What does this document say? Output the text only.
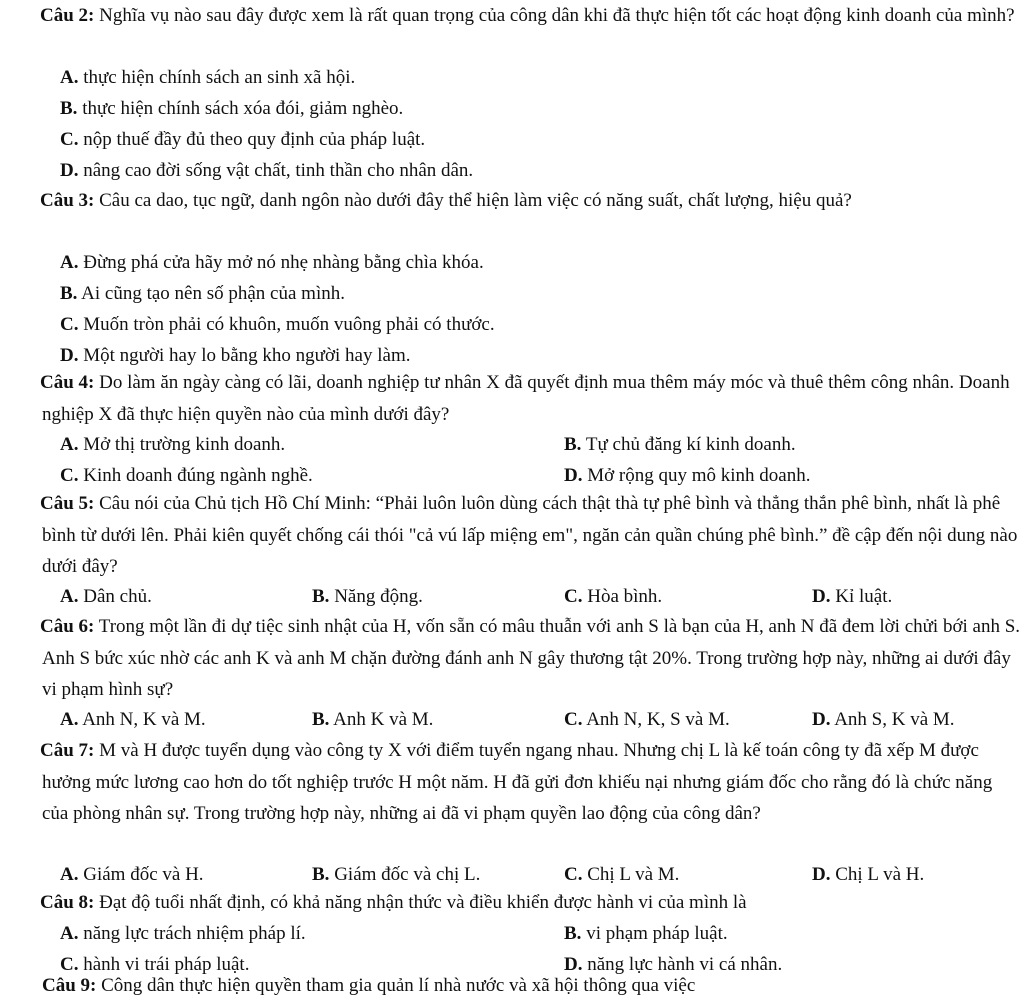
Câu 2: Nghĩa vụ nào sau đây được xem là rất quan trọng của công dân khi đã thực hiện tốt các hoạt động kinh doanh của mình?
A. thực hiện chính sách an sinh xã hội.
B. thực hiện chính sách xóa đói, giảm nghèo.
C. nộp thuế đầy đủ theo quy định của pháp luật.
D. nâng cao đời sống vật chất, tinh thần cho nhân dân.
Câu 3: Câu ca dao, tục ngữ, danh ngôn nào dưới đây thể hiện làm việc có năng suất, chất lượng, hiệu quả?
A. Đừng phá cửa hãy mở nó nhẹ nhàng bằng chìa khóa.
B. Ai cũng tạo nên số phận của mình.
C. Muốn tròn phải có khuôn, muốn vuông phải có thước.
D. Một người hay lo bằng kho người hay làm.
Câu 4: Do làm ăn ngày càng có lãi, doanh nghiệp tư nhân X đã quyết định mua thêm máy móc và thuê thêm công nhân. Doanh nghiệp X đã thực hiện quyền nào của mình dưới đây?
A. Mở thị trường kinh doanh.	B. Tự chủ đăng kí kinh doanh.
C. Kinh doanh đúng ngành nghề.	D. Mở rộng quy mô kinh doanh.
Câu 5: Câu nói của Chủ tịch Hồ Chí Minh: “Phải luôn luôn dùng cách thật thà tự phê bình và thẳng thắn phê bình, nhất là phê bình từ dưới lên. Phải kiên quyết chống cái thói "cả vú lấp miệng em", ngăn cản quần chúng phê bình.” đề cập đến nội dung nào dưới đây?
A. Dân chủ.	B. Năng động.	C. Hòa bình.	D. Kỉ luật.
Câu 6: Trong một lần đi dự tiệc sinh nhật của H, vốn sẵn có mâu thuẫn với anh S là bạn của H, anh N đã đem lời chửi bới anh S. Anh S bức xúc nhờ các anh K và anh M chặn đường đánh anh N gây thương tật 20%. Trong trường hợp này, những ai dưới đây vi phạm hình sự?
A. Anh N, K và M.	B. Anh K và M.	C. Anh N, K, S và M.	D. Anh S, K và M.
Câu 7: M và H được tuyển dụng vào công ty X với điểm tuyển ngang nhau. Nhưng chị L là kế toán công ty đã xếp M được hưởng mức lương cao hơn do tốt nghiệp trước H một năm. H đã gửi đơn khiếu nại nhưng giám đốc cho rằng đó là chức năng của phòng nhân sự. Trong trường hợp này, những ai đã vi phạm quyền lao động của công dân?
A. Giám đốc và H.	B. Giám đốc và chị L.	C. Chị L và M.	D. Chị L và H.
Câu 8: Đạt độ tuổi nhất định, có khả năng nhận thức và điều khiển được hành vi của mình là
A. năng lực trách nhiệm pháp lí.	B. vi phạm pháp luật.
C. hành vi trái pháp luật.	D. năng lực hành vi cá nhân.
Câu 9: Công dân thực hiện quyền tham gia quản lí nhà nước và xã hội thông qua việc
